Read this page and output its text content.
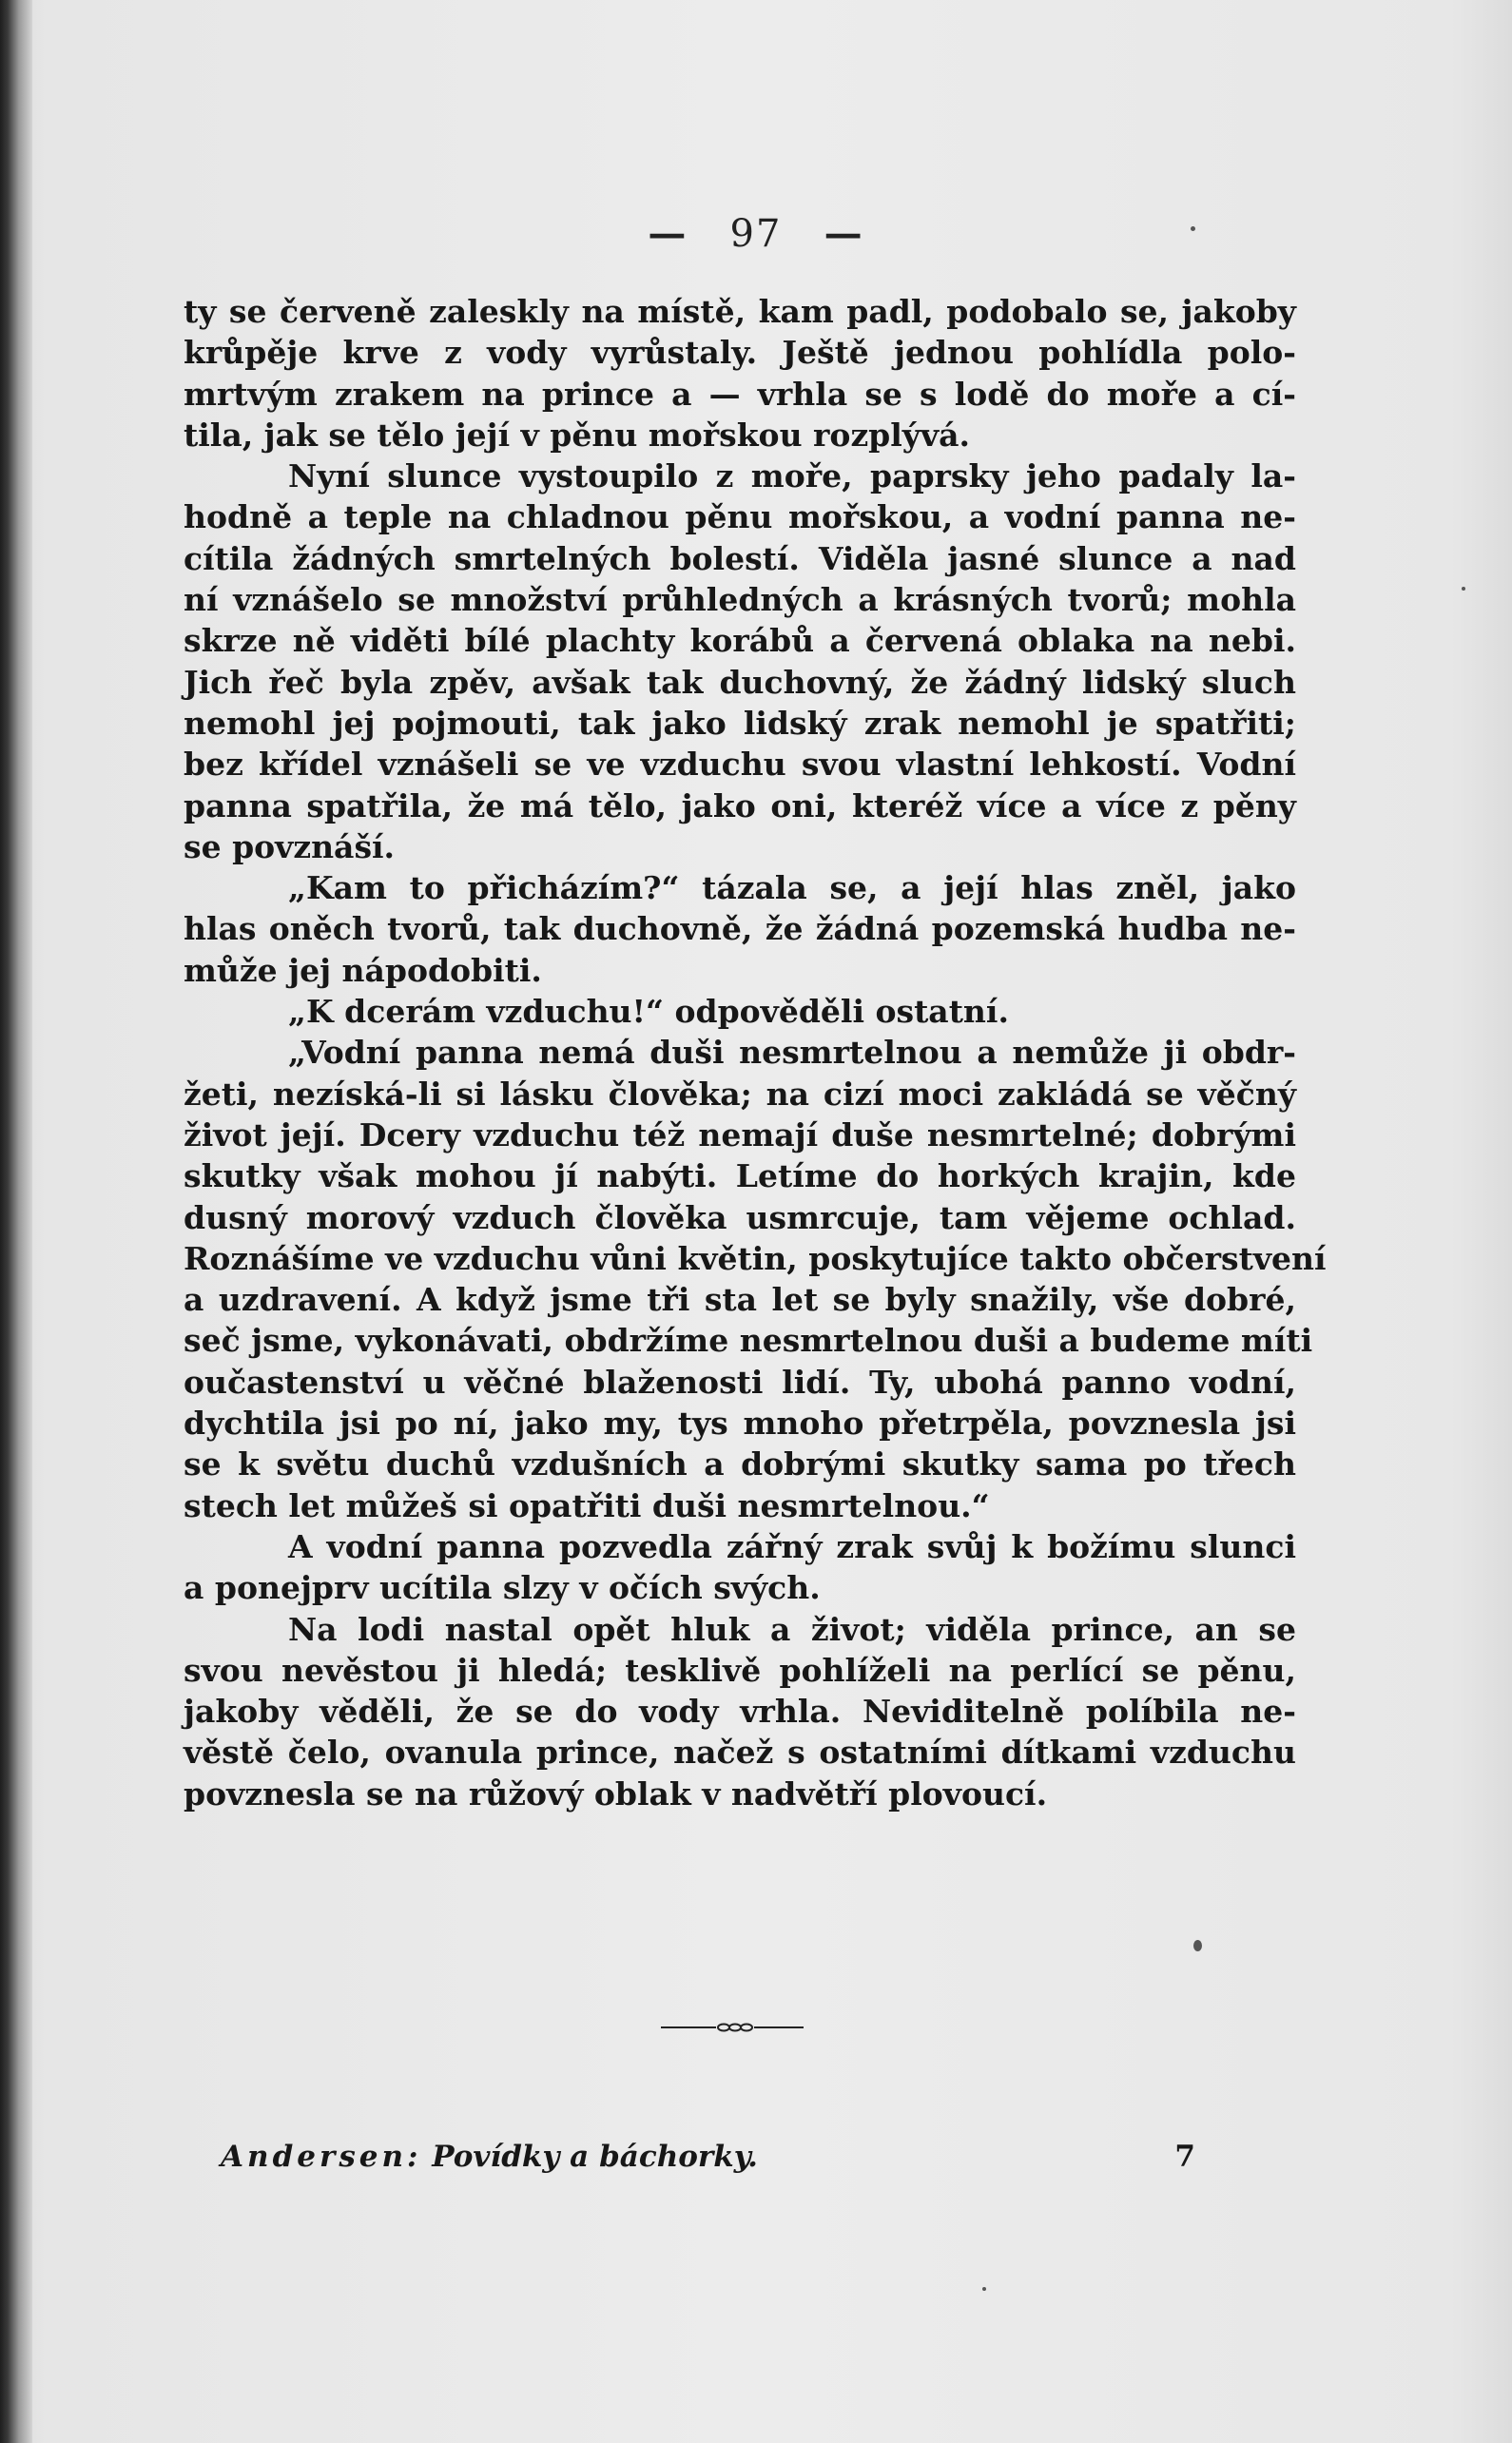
— 97 —
ty se červeně zaleskly na místě, kam padl, podobalo se, jakoby
krůpěje krve z vody vyrůstaly. Ještě jednou pohlídla polo-
mrtvým zrakem na prince a — vrhla se s lodě do moře a cí-
tila, jak se tělo její v pěnu mořskou rozplývá.
Nyní slunce vystoupilo z moře, paprsky jeho padaly la-
hodně a teple na chladnou pěnu mořskou, a vodní panna ne-
cítila žádných smrtelných bolestí. Viděla jasné slunce a nad
ní vznášelo se množství průhledných a krásných tvorů; mohla
skrze ně viděti bílé plachty korábů a červená oblaka na nebi.
Jich řeč byla zpěv, avšak tak duchovný, že žádný lidský sluch
nemohl jej pojmouti, tak jako lidský zrak nemohl je spatřiti;
bez křídel vznášeli se ve vzduchu svou vlastní lehkostí. Vodní
panna spatřila, že má tělo, jako oni, kteréž více a více z pěny
se povznáší.
„Kam to přicházím?“ tázala se, a její hlas zněl, jako
hlas oněch tvorů, tak duchovně, že žádná pozemská hudba ne-
může jej nápodobiti.
„K dcerám vzduchu!“ odpověděli ostatní.
„Vodní panna nemá duši nesmrtelnou a nemůže ji obdr-
žeti, nezíská-li si lásku člověka; na cizí moci zakládá se věčný
život její. Dcery vzduchu též nemají duše nesmrtelné; dobrými
skutky však mohou jí nabýti. Letíme do horkých krajin, kde
dusný morový vzduch člověka usmrcuje, tam vějeme ochlad.
Roznášíme ve vzduchu vůni květin, poskytujíce takto občerstvení
a uzdravení. A když jsme tři sta let se byly snažily, vše dobré,
seč jsme, vykonávati, obdržíme nesmrtelnou duši a budeme míti
oučastenství u věčné blaženosti lidí. Ty, ubohá panno vodní,
dychtila jsi po ní, jako my, tys mnoho přetrpěla, povznesla jsi
se k světu duchů vzdušních a dobrými skutky sama po třech
stech let můžeš si opatřiti duši nesmrtelnou.“
A vodní panna pozvedla zářný zrak svůj k božímu slunci
a ponejprv ucítila slzy v očích svých.
Na lodi nastal opět hluk a život; viděla prince, an se
svou nevěstou ji hledá; tesklivě pohlíželi na perlící se pěnu,
jakoby věděli, že se do vody vrhla. Neviditelně políbila ne-
věstě čelo, ovanula prince, načež s ostatními dítkami vzduchu
povznesla se na růžový oblak v nadvětří plovoucí.
Andersen: Povídky a báchorky.	7
